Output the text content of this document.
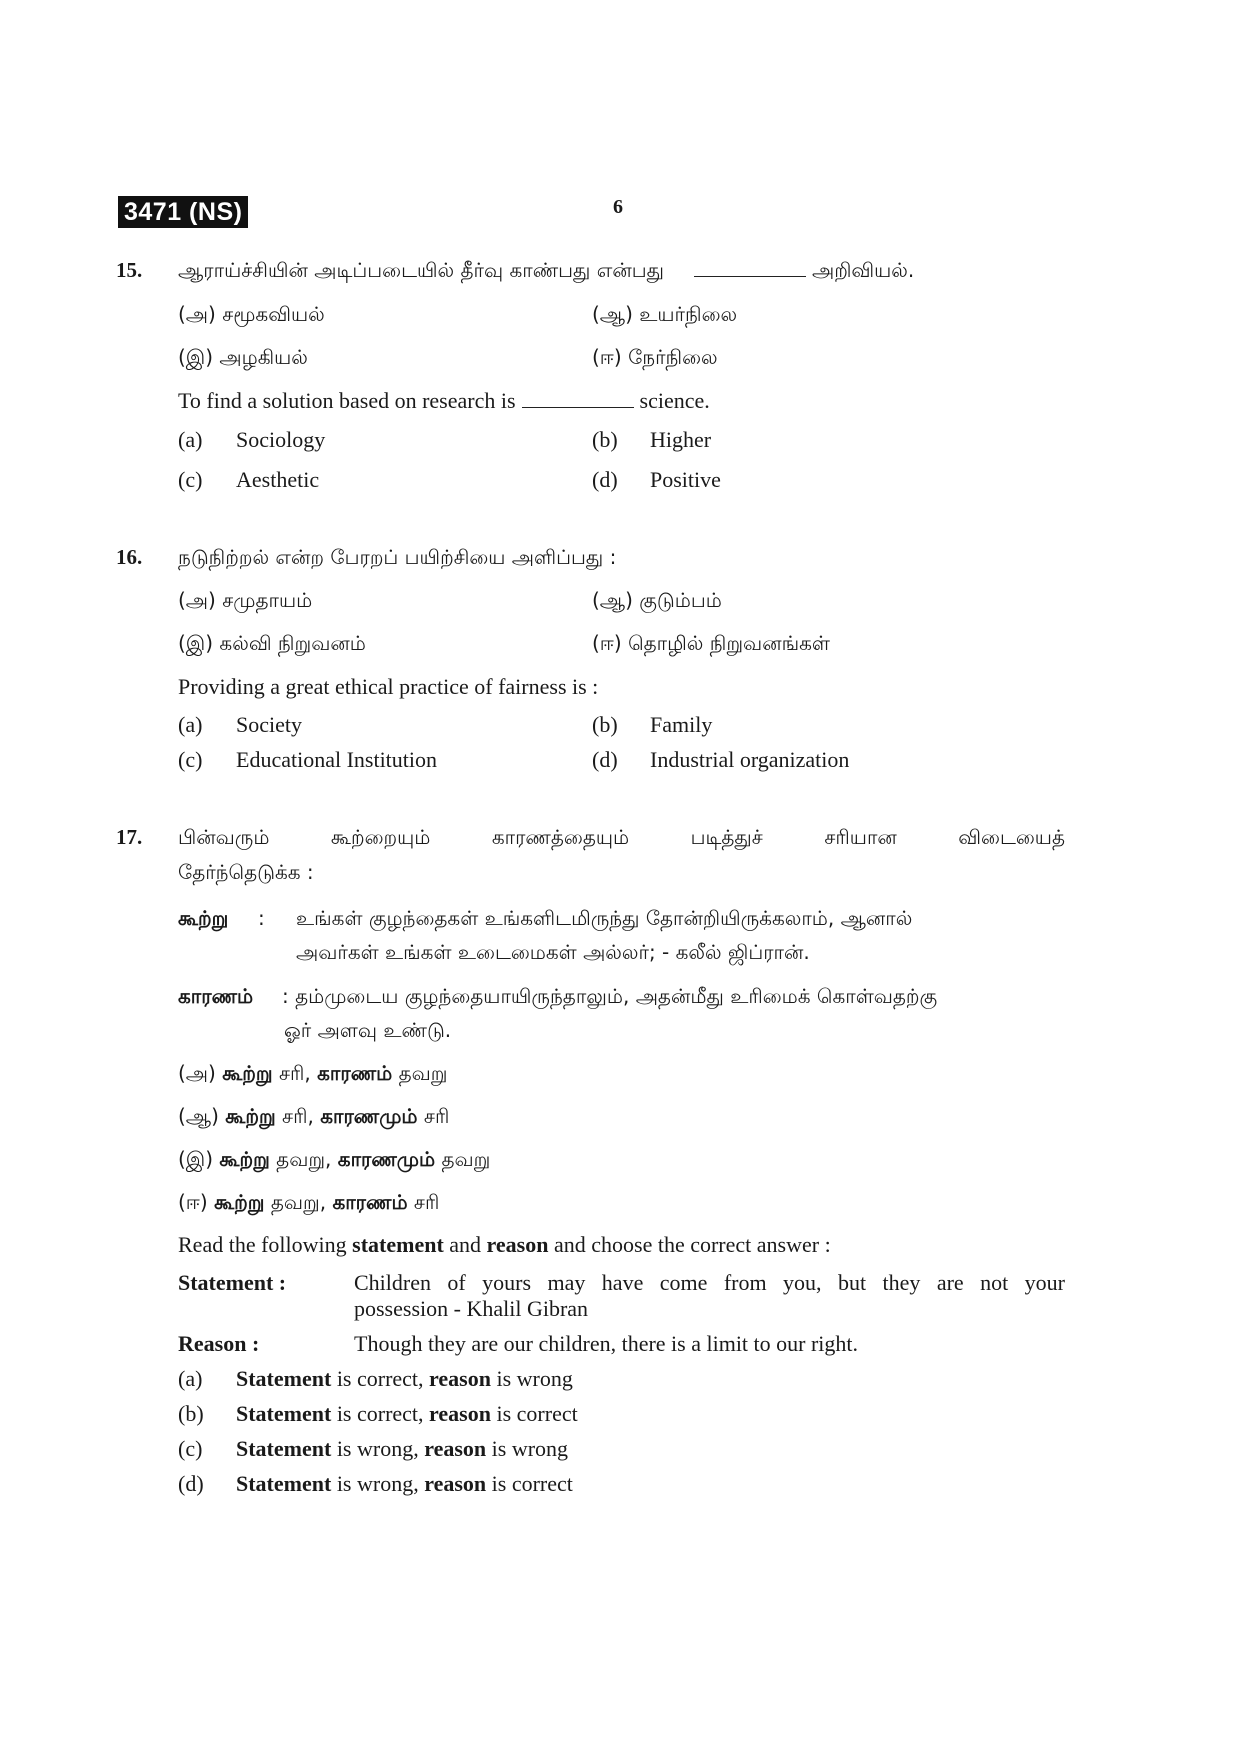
3471 (NS)	6
15. ஆராய்ச்சியின் அடிப்படையில் தீர்வு காண்பது என்பது	அறிவியல்.
(அ) சமூகவியல்	(ஆ) உயர்நிலை
(இ) அழகியல்	(ஈ) நேர்நிலை
To find a solution based on research is	science.
(a) Sociology	(b) Higher
(c) Aesthetic	(d) Positive
16. நடுநிற்றல் என்ற பேரறப் பயிற்சியை அளிப்பது :
(அ) சமுதாயம்	(ஆ) குடும்பம்
(இ) கல்வி நிறுவனம்	(ஈ) தொழில் நிறுவனங்கள்
Providing a great ethical practice of fairness is :
(a) Society	(b) Family
(c) Educational Institution	(d) Industrial organization
17. பின்வரும் கூற்றையும் காரணத்தையும் படித்துச் சரியான விடையைத்
தேர்ந்தெடுக்க :
கூற்று : உங்கள் குழந்தைகள் உங்களிடமிருந்து தோன்றியிருக்கலாம், ஆனால்
அவர்கள் உங்கள் உடைமைகள் அல்லர்; - கலீல் ஜிப்ரான்.
காரணம் : தம்முடைய குழந்தையாயிருந்தாலும், அதன்மீது உரிமைக் கொள்வதற்கு
ஓர் அளவு உண்டு.
(அ) கூற்று சரி, காரணம் தவறு
(ஆ) கூற்று சரி, காரணமும் சரி
(இ) கூற்று தவறு, காரணமும் தவறு
(ஈ) கூற்று தவறு, காரணம் சரி
Read the following statement and reason and choose the correct answer :
Statement :	Children of yours may have come from you, but they are not your
possession - Khalil Gibran
Reason :	Though they are our children, there is a limit to our right.
(a) Statement is correct, reason is wrong
(b) Statement is correct, reason is correct
(c) Statement is wrong, reason is wrong
(d) Statement is wrong, reason is correct
